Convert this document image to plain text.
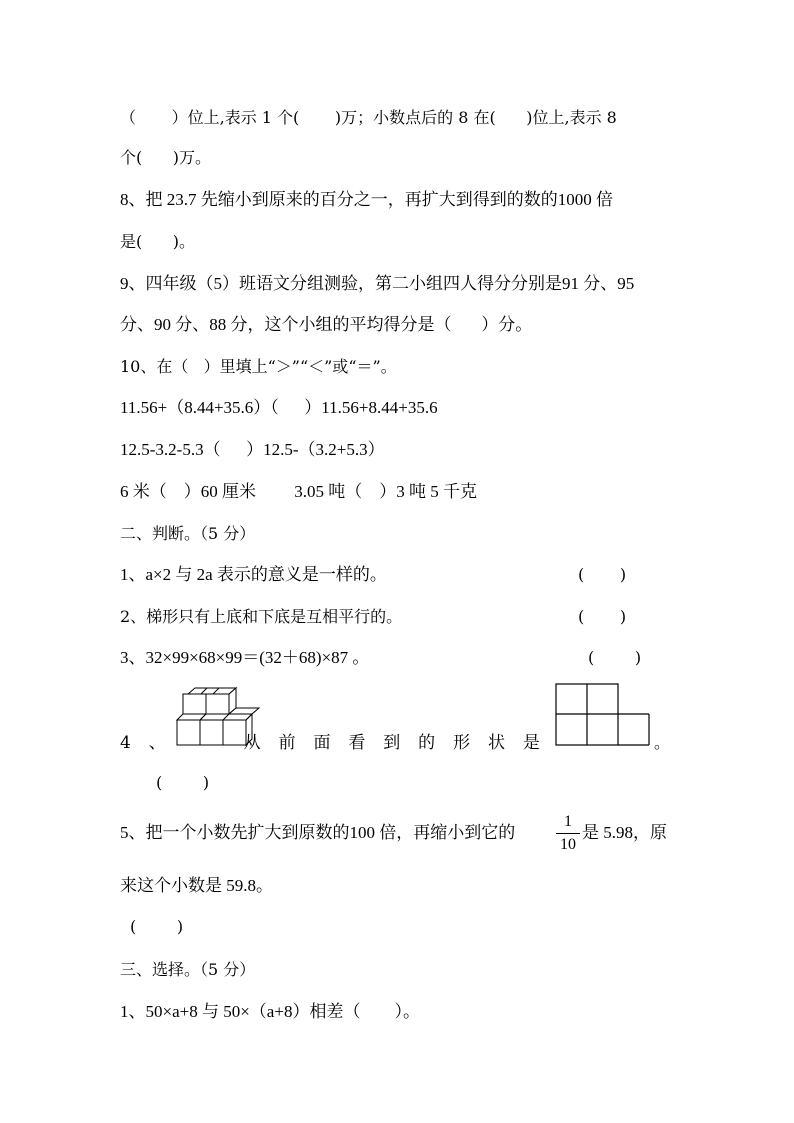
（       ）位上,表示 1 个(       )万；小数点后的 8 在(      )位上,表示 8
个(      )万。
8、把 23.7 先缩小到原来的百分之一，再扩大到得到的数的1000 倍
是(      )。
9、四年级（5）班语文分组测验，第二小组四人得分分别是91 分、95
分、90 分、88 分，这个小组的平均得分是（       ）分。
10、在（   ）里填上“＞”“＜”或“＝”。
11.56+（8.44+35.6）（      ）11.56+8.44+35.6
12.5-3.2-5.3（      ）12.5-（3.2+5.3）
6 米（    ）60 厘米         3.05 吨（    ）3 吨 5 千克
二、判断。（5 分）
1、a×2 与 2a 表示的意义是一样的。	(       )
2、梯形只有上底和下底是互相平行的。	(       )
3、32×99×68×99＝(32＋68)×87 。	(        )
4 、	从 前 面 看 到 的 形 状 是	。
(        )
5、把一个小数先扩大到原数的100 倍，再缩小到它的
1
10
是 5.98，原
来这个小数是 59.8。
(        )
三、选择。（5 分）
1、50×a+8 与 50×（a+8）相差（        ）。
